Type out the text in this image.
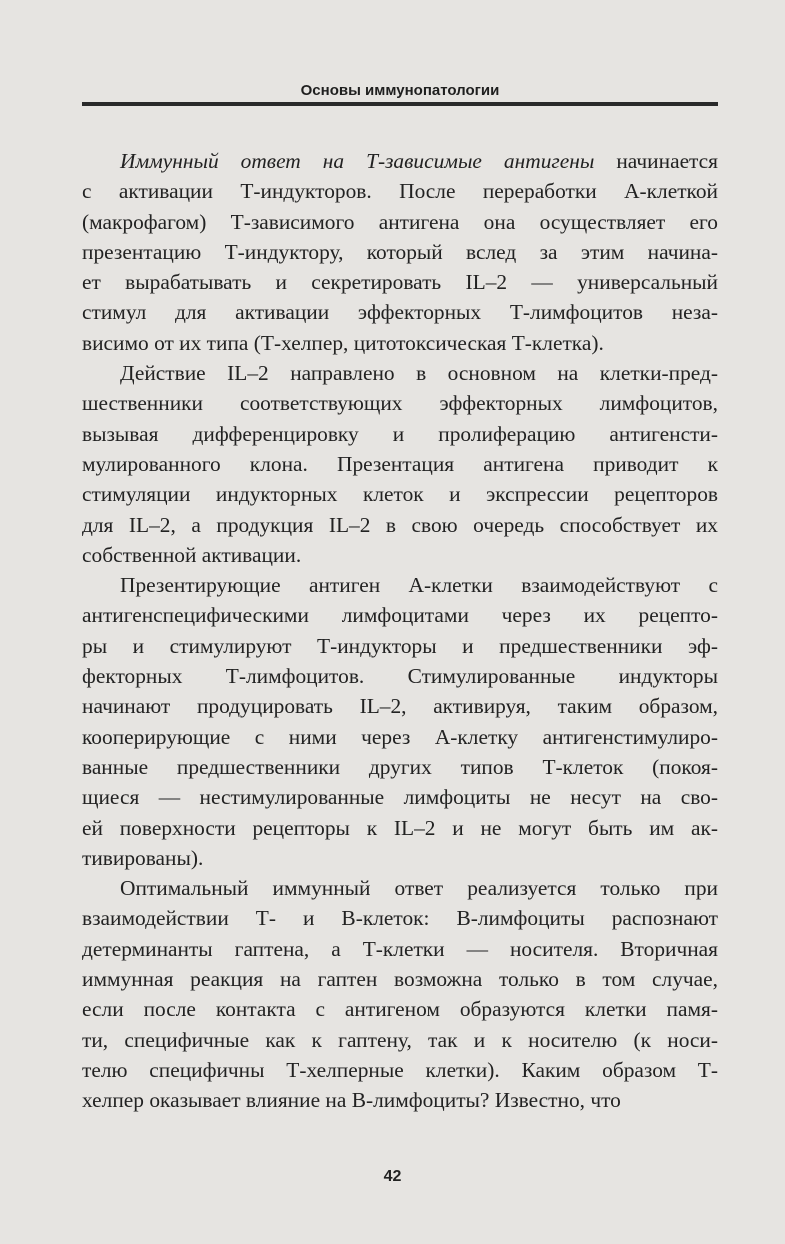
Основы иммунопатологии
Иммунный ответ на Т-зависимые антигены начинается
с активации Т-индукторов. После переработки А-клеткой
(макрофагом) Т-зависимого антигена она осуществляет его
презентацию Т-индуктору, который вслед за этим начина-
ет вырабатывать и секретировать IL–2 — универсальный
стимул для активации эффекторных Т-лимфоцитов неза-
висимо от их типа (Т-хелпер, цитотоксическая Т-клетка).
Действие IL–2 направлено в основном на клетки-пред-
шественники соответствующих эффекторных лимфоцитов,
вызывая дифференцировку и пролиферацию антигенсти-
мулированного клона. Презентация антигена приводит к
стимуляции индукторных клеток и экспрессии рецепторов
для IL–2, а продукция IL–2 в свою очередь способствует их
собственной активации.
Презентирующие антиген А-клетки взаимодействуют с
антигенспецифическими лимфоцитами через их рецепто-
ры и стимулируют Т-индукторы и предшественники эф-
фекторных Т-лимфоцитов. Стимулированные индукторы
начинают продуцировать IL–2, активируя, таким образом,
кооперирующие с ними через А-клетку антигенстимулиро-
ванные предшественники других типов Т-клеток (покоя-
щиеся — нестимулированные лимфоциты не несут на сво-
ей поверхности рецепторы к IL–2 и не могут быть им ак-
тивированы).
Оптимальный иммунный ответ реализуется только при
взаимодействии Т- и В-клеток: В-лимфоциты распознают
детерминанты гаптена, а Т-клетки — носителя. Вторичная
иммунная реакция на гаптен возможна только в том случае,
если после контакта с антигеном образуются клетки памя-
ти, специфичные как к гаптену, так и к носителю (к носи-
телю специфичны Т-хелперные клетки). Каким образом Т-
хелпер оказывает влияние на В-лимфоциты? Известно, что
42
